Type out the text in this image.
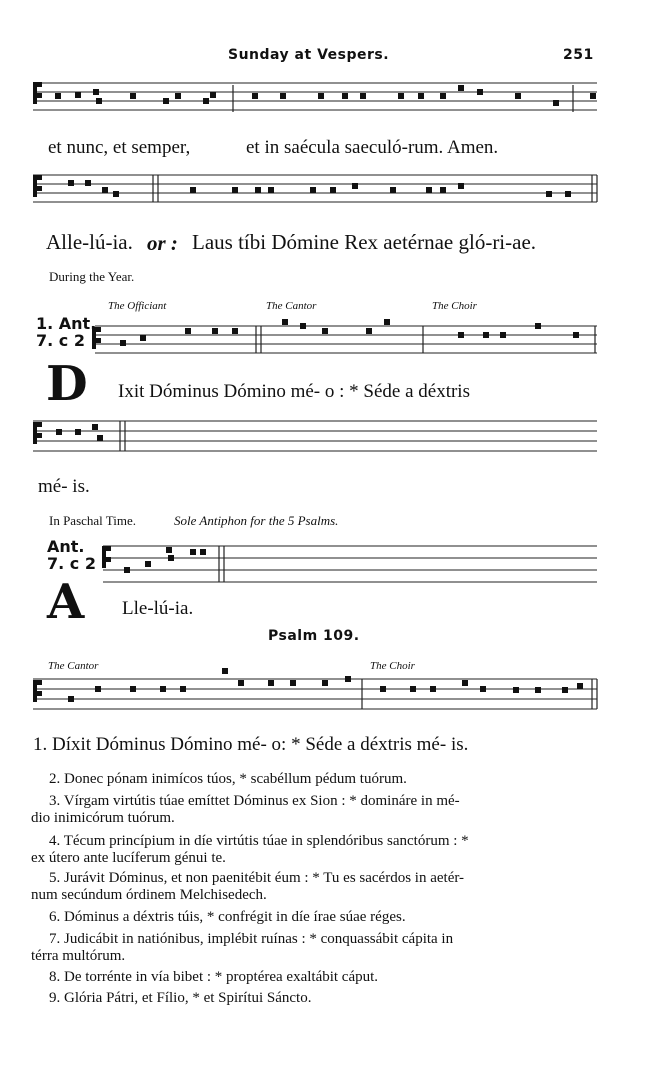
Sunday at Vespers.	251
et nunc, et semper,	et in saécula saeculó-rum. Amen.
Alle-lú-ia. or : Laus tíbi Dómine Rex aetérnae gló-ri-ae.
During the Year.
The Officiant	The Cantor	The Choir
1. Ant.
7. c 2
D Ixit Dóminus Dómino mé- o : * Séde a déxtris
mé- is.
In Paschal Time.	Sole Antiphon for the 5 Psalms.
Ant.
7. c 2
A Lle-lú-ia.
Psalm 109.
The Cantor	The Choir
1. Díxit Dóminus Dómino mé- o: * Séde a déxtris mé- is.
2. Donec pónam inimícos túos, * scabéllum pédum tuórum.
3. Vírgam virtútis túae emíttet Dóminus ex Sion : * domináre in mé-
dio inimicórum tuórum.
4. Técum princípium in díe virtútis túae in splendóribus sanctórum : *
ex útero ante lucíferum génui te.
5. Jurávit Dóminus, et non paenitébit éum : * Tu es sacérdos in aetér-
num secúndum órdinem Melchisedech.
6. Dóminus a déxtris túis, * confrégit in díe írae súae réges.
7. Judicábit in natiónibus, implébit ruínas : * conquassábit cápita in
térra multórum.
8. De torrénte in vía bibet : * proptérea exaltábit cáput.
9. Glória Pátri, et Fílio, * et Spirítui Sáncto.
